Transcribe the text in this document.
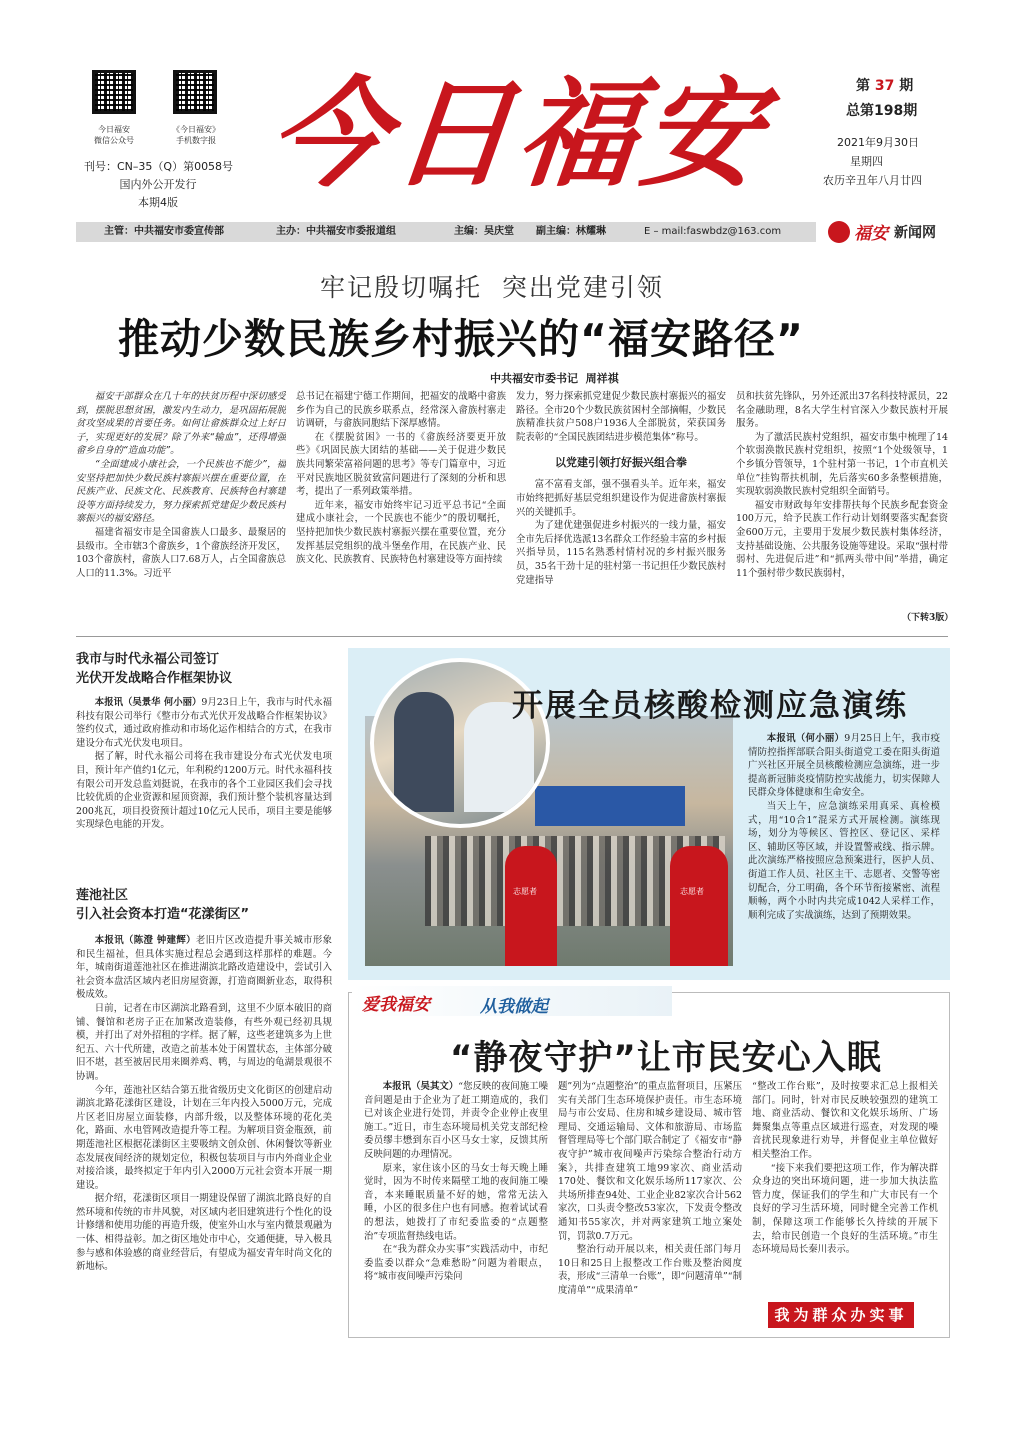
今日福安
微信公众号
《今日福安》
手机数字报
刊号：CN–35（Q）第0058号
国内外公开发行
本期4版 今日福安	第 37 期
总第198期
2021年9月30日
星期四
农历辛丑年八月廿四
主管：中共福安市委宣传部	主办：中共福安市委报道组	主编：吴庆堂 副主编：林耀琳	E – mail:faswbdz@163.com	福安 新闻网
牢记殷切嘱托  突出党建引领
推动少数民族乡村振兴的“福安路径”
中共福安市委书记  周祥祺
福安干部群众在几十年的扶贫历程中深切感受到，摆脱思想贫困，激发内生动力，是巩固拓展脱贫攻坚成果的首要任务。如何让畲族群众过上好日子，实现更好的发展？除了外来“输血”，还得增强畲乡自身的“造血功能”。
“全面建成小康社会，一个民族也不能少”，福安坚持把加快少数民族村寨振兴摆在重要位置，在民族产业、民族文化、民族教育、民族特色村寨建设等方面持续发力，努力探索抓党建促少数民族村寨振兴的福安路径。
福建省福安市是全国畲族人口最多、最聚居的县级市。全市辖3个畲族乡，1个畲族经济开发区，103个畲族村，畲族人口7.68万人，占全国畲族总人口的11.3%。习近平
总书记在福建宁德工作期间，把福安的战略中畲族乡作为自己的民族乡联系点，经常深入畲族村寨走访调研，与畲族同胞结下深厚感情。
在《摆脱贫困》一书的《畲族经济要更开放些》《巩固民族大团结的基础——关于促进少数民族共同繁荣富裕问题的思考》等专门篇章中，习近平对民族地区脱贫致富问题进行了深刻的分析和思考，提出了一系列政策举措。
近年来，福安市始终牢记习近平总书记“全面建成小康社会，一个民族也不能少”的殷切嘱托，坚持把加快少数民族村寨振兴摆在重要位置，充分发挥基层党组织的战斗堡垒作用，在民族产业、民族文化、民族教育、民族特色村寨建设等方面持续
发力，努力探索抓党建促少数民族村寨振兴的福安路径。全市20个少数民族贫困村全部摘帽，少数民族精准扶贫户508户1936人全部脱贫，荣获国务院表彰的“全国民族团结进步模范集体”称号。
以党建引领打好振兴组合拳
富不富看支部，强不强看头羊。近年来，福安市始终把抓好基层党组织建设作为促进畲族村寨振兴的关键抓手。
为了建优建强促进乡村振兴的一线力量，福安全市先后择优选派13名群众工作经验丰富的乡村振兴指导员，115名熟悉村情村况的乡村振兴服务员，35名干劲十足的驻村第一书记担任少数民族村党建指导
员和扶贫先锋队，另外还派出37名科技特派员，22名金融助理，8名大学生村官深入少数民族村开展服务。
为了激活民族村党组织，福安市集中梳理了14个软弱涣散民族村党组织，按照“1个处级领导，1个乡镇分管领导，1个驻村第一书记，1个市直机关单位”挂钩帮扶机制，先后落实60多条整顿措施，实现软弱涣散民族村党组织全面销号。
福安市财政每年安排帮扶每个民族乡配套资金100万元，给予民族工作行动计划纲要落实配套资金600万元，主要用于发展少数民族村集体经济，支持基础设施、公共服务设施等建设。采取“强村带弱村、先进促后进”和“抓两头带中间”举措，确定11个强村带少数民族弱村，
（下转3版）
我市与时代永福公司签订
光伏开发战略合作框架协议
本报讯（吴景华 何小丽）9月23日上午，我市与时代永福科技有限公司举行《整市分布式光伏开发战略合作框架协议》签约仪式，通过政府推动和市场化运作相结合的方式，在我市建设分布式光伏发电项目。
据了解，时代永福公司将在我市建设分布式光伏发电项目，预计年产值约1亿元，年利税约1200万元。时代永福科技有限公司开发总监刘挺说，在我市的各个工业园区我们会寻找比较优质的企业资源和屋顶资源，我们预计整个装机容量达到200兆瓦，项目投资预计超过10亿元人民币，项目主要是能够实现绿色电能的开发。
莲池社区
引入社会资本打造“花漾街区”
本报讯（陈澄 钟建辉）老旧片区改造提升事关城市形象和民生福祉，但具体实施过程总会遇到这样那样的难题。今年，城南街道莲池社区在推进湖滨北路改造建设中，尝试引入社会资本盘活区域内老旧房屋资源，打造商圈新业态，取得积极成效。
日前，记者在市区湖滨北路看到，这里不少原本破旧的商铺、餐馆和老房子正在加紧改造装修，有些外观已经初具规模，并打出了对外招租的字样。据了解，这些老建筑多为上世纪五、六十代所建，改造之前基本处于闲置状态，主体部分破旧不堪，甚至被居民用来圈养鸡、鸭，与周边的龟湖景观很不协调。
今年，莲池社区结合第五批省级历史文化街区的创建启动湖滨北路花漾街区建设，计划在三年内投入5000万元，完成片区老旧房屋立面装修，内部升级，以及整体环境的花化美化，路面、水电管网改造提升等工程。为解项目资金瓶颈，前期莲池社区根据花漾街区主要吸纳文创众创、休闲餐饮等新业态发展夜间经济的规划定位，积极包装项目与市内外商业企业对接洽谈，最终拟定于年内引入2000万元社会资本开展一期建设。
据介绍，花漾街区项目一期建设保留了湖滨北路良好的自然环境和传统的市井风貌，对区域内老旧建筑进行个性化的设计修缮和使用功能的再造升级，使室外山水与室内微景观融为一体、相得益彰。加之街区地处市中心，交通便捷，导入极具参与感和体验感的商业经营后，有望成为福安青年时尚文化的新地标。
志愿者	志愿者
开展全员核酸检测应急演练
本报讯（何小丽）9月25日上午，我市疫情防控指挥部联合阳头街道党工委在阳头街道广兴社区开展全员核酸检测应急演练，进一步提高新冠肺炎疫情防控实战能力，切实保障人民群众身体健康和生命安全。
当天上午，应急演练采用真采、真检模式，用“10合1”混采方式开展检测。演练现场，划分为等候区、管控区、登记区、采样区、辅助区等区域，并设置警戒线、指示牌。此次演练严格按照应急预案进行，医护人员、街道工作人员、社区主干、志愿者、交警等密切配合，分工明确，各个环节衔接紧密、流程顺畅，两个小时内共完成1042人采样工作，顺利完成了实战演练，达到了预期效果。
爱我福安	从我做起
“静夜守护”让市民安心入眠
本报讯（吴其文）“您反映的夜间施工噪音问题是由于企业为了赶工期造成的，我们已对该企业进行处罚，并责令企业停止夜里施工。”近日，市生态环境局机关党支部纪检委员缪丰懋到东百小区马女士家，反馈其所反映问题的办理情况。
原来，家住该小区的马女士每天晚上睡觉时，因为不时传来隔壁工地的夜间施工噪音，本来睡眠质量不好的她，常常无法入睡，小区的很多住户也有同感。抱着试试看的想法，她拨打了市纪委监委的“点题整治”专项监督热线电话。
在“我为群众办实事”实践活动中，市纪委监委以群众“急难愁盼”问题为着眼点，将“城市夜间噪声污染问
题”列为“点题整治”的重点监督项目，压紧压实有关部门生态环境保护责任。市生态环境局与市公安局、住房和城乡建设局、城市管理局、交通运输局、文体和旅游局、市场监督管理局等七个部门联合制定了《福安市“静夜守护”城市夜间噪声污染综合整治行动方案》，共排查建筑工地99家次、商业活动170处、餐饮和文化娱乐场所117家次、公共场所排查94处、工业企业82家次合计562家次，口头责令整改53家次，下发责令整改通知书55家次，并对两家建筑工地立案处罚，罚款0.7万元。
整治行动开展以来，相关责任部门每月10日和25日上报整改工作台账及整治阅度表，形成“三清单一台账”，即“问题清单”“制度清单”“成果清单”
“整改工作台账”，及时按要求汇总上报相关部门。同时，针对市民反映较强烈的建筑工地、商业活动、餐饮和文化娱乐场所、广场舞聚集点等重点区域进行巡查，对发现的噪音扰民现象进行劝导，并督促业主单位做好相关整治工作。
“接下来我们要把这项工作，作为解决群众身边的突出环境问题，进一步加大执法监管力度，保证我们的学生和广大市民有一个良好的学习生活环境，同时健全完善工作机制，保障这项工作能够长久持续的开展下去，给市民创造一个良好的生活环境。”市生态环境局局长秦川表示。
我为群众办实事
